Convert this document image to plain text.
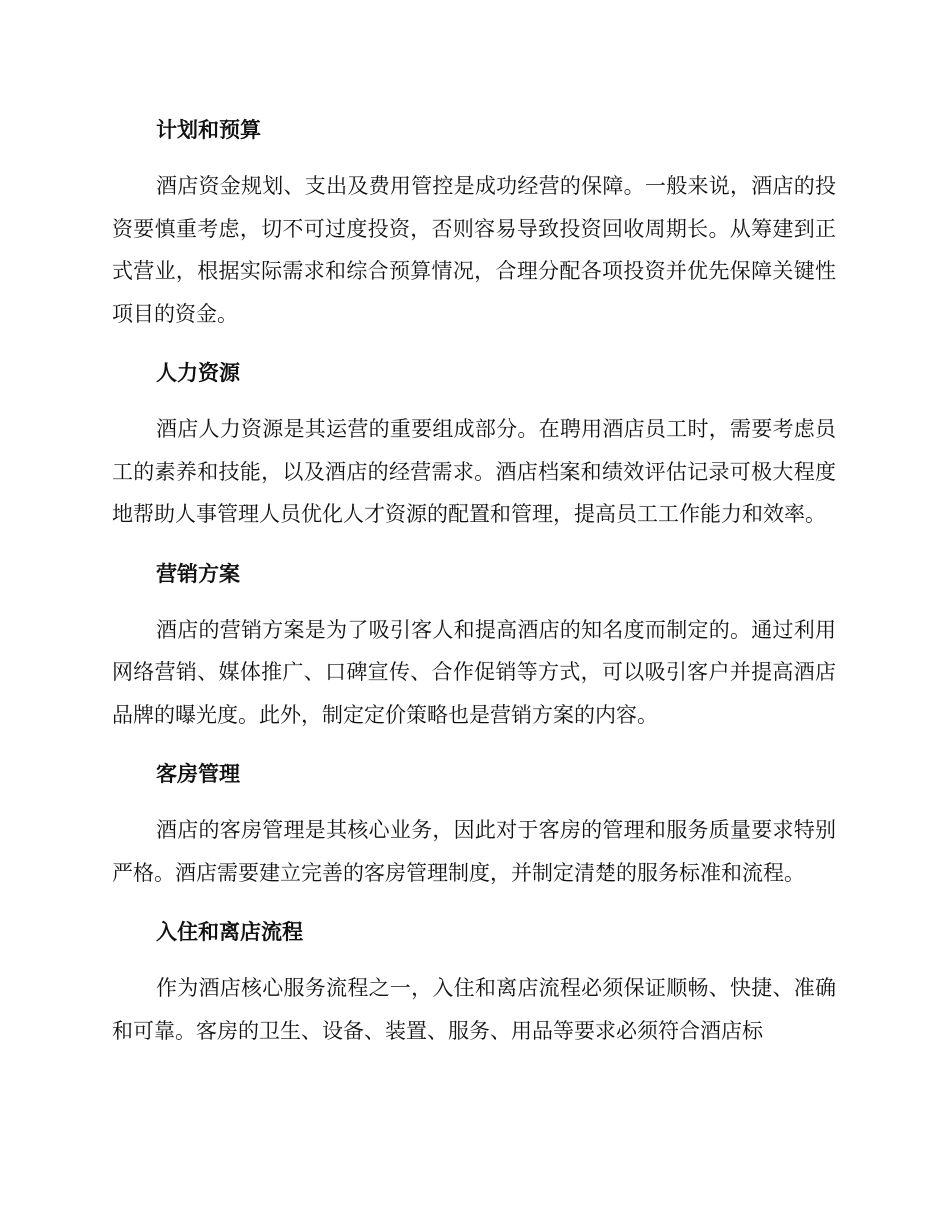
计划和预算

酒店资金规划、支出及费用管控是成功经营的保障。一般来说，酒店的投资要慎重考虑，切不可过度投资，否则容易导致投资回收周期长。从筹建到正式营业，根据实际需求和综合预算情况，合理分配各项投资并优先保障关键性项目的资金。

人力资源

酒店人力资源是其运营的重要组成部分。在聘用酒店员工时，需要考虑员工的素养和技能，以及酒店的经营需求。酒店档案和绩效评估记录可极大程度地帮助人事管理人员优化人才资源的配置和管理，提高员工工作能力和效率。

营销方案

酒店的营销方案是为了吸引客人和提高酒店的知名度而制定的。通过利用网络营销、媒体推广、口碑宣传、合作促销等方式，可以吸引客户并提高酒店品牌的曝光度。此外，制定定价策略也是营销方案的内容。

客房管理

酒店的客房管理是其核心业务，因此对于客房的管理和服务质量要求特别严格。酒店需要建立完善的客房管理制度，并制定清楚的服务标准和流程。

入住和离店流程

作为酒店核心服务流程之一，入住和离店流程必须保证顺畅、快捷、准确和可靠。客房的卫生、设备、装置、服务、用品等要求必须符合酒店标
